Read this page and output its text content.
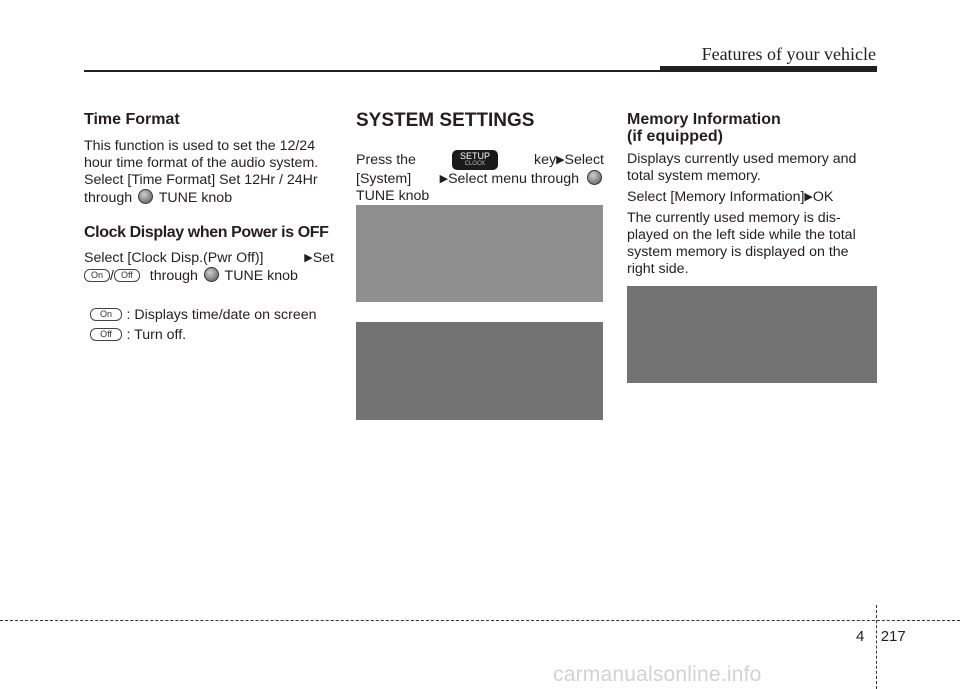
Features of your vehicle
Time Format

This function is used to set the 12/24

hour time format of the audio system.

Select [Time Format] Set 12Hr / 24Hr

through TUNE knob

Clock Display when Power is OFF

Select [Clock Disp.(Pwr Off)]	▶Set

On / Off through TUNE knob

On : Displays time/date on screen
Off : Turn off.
SYSTEM SETTINGS

Press the	SETUP
CLOCK	key▶Select

[System]	▶Select menu through

TUNE knob

Memory Information
(if equipped)

Displays currently used memory and

total system memory.

Select [Memory Information]▶OK

The currently used memory is dis-

played on the left side while the total

system memory is displayed on the

right side.

4 217
carmanualsonline.info
